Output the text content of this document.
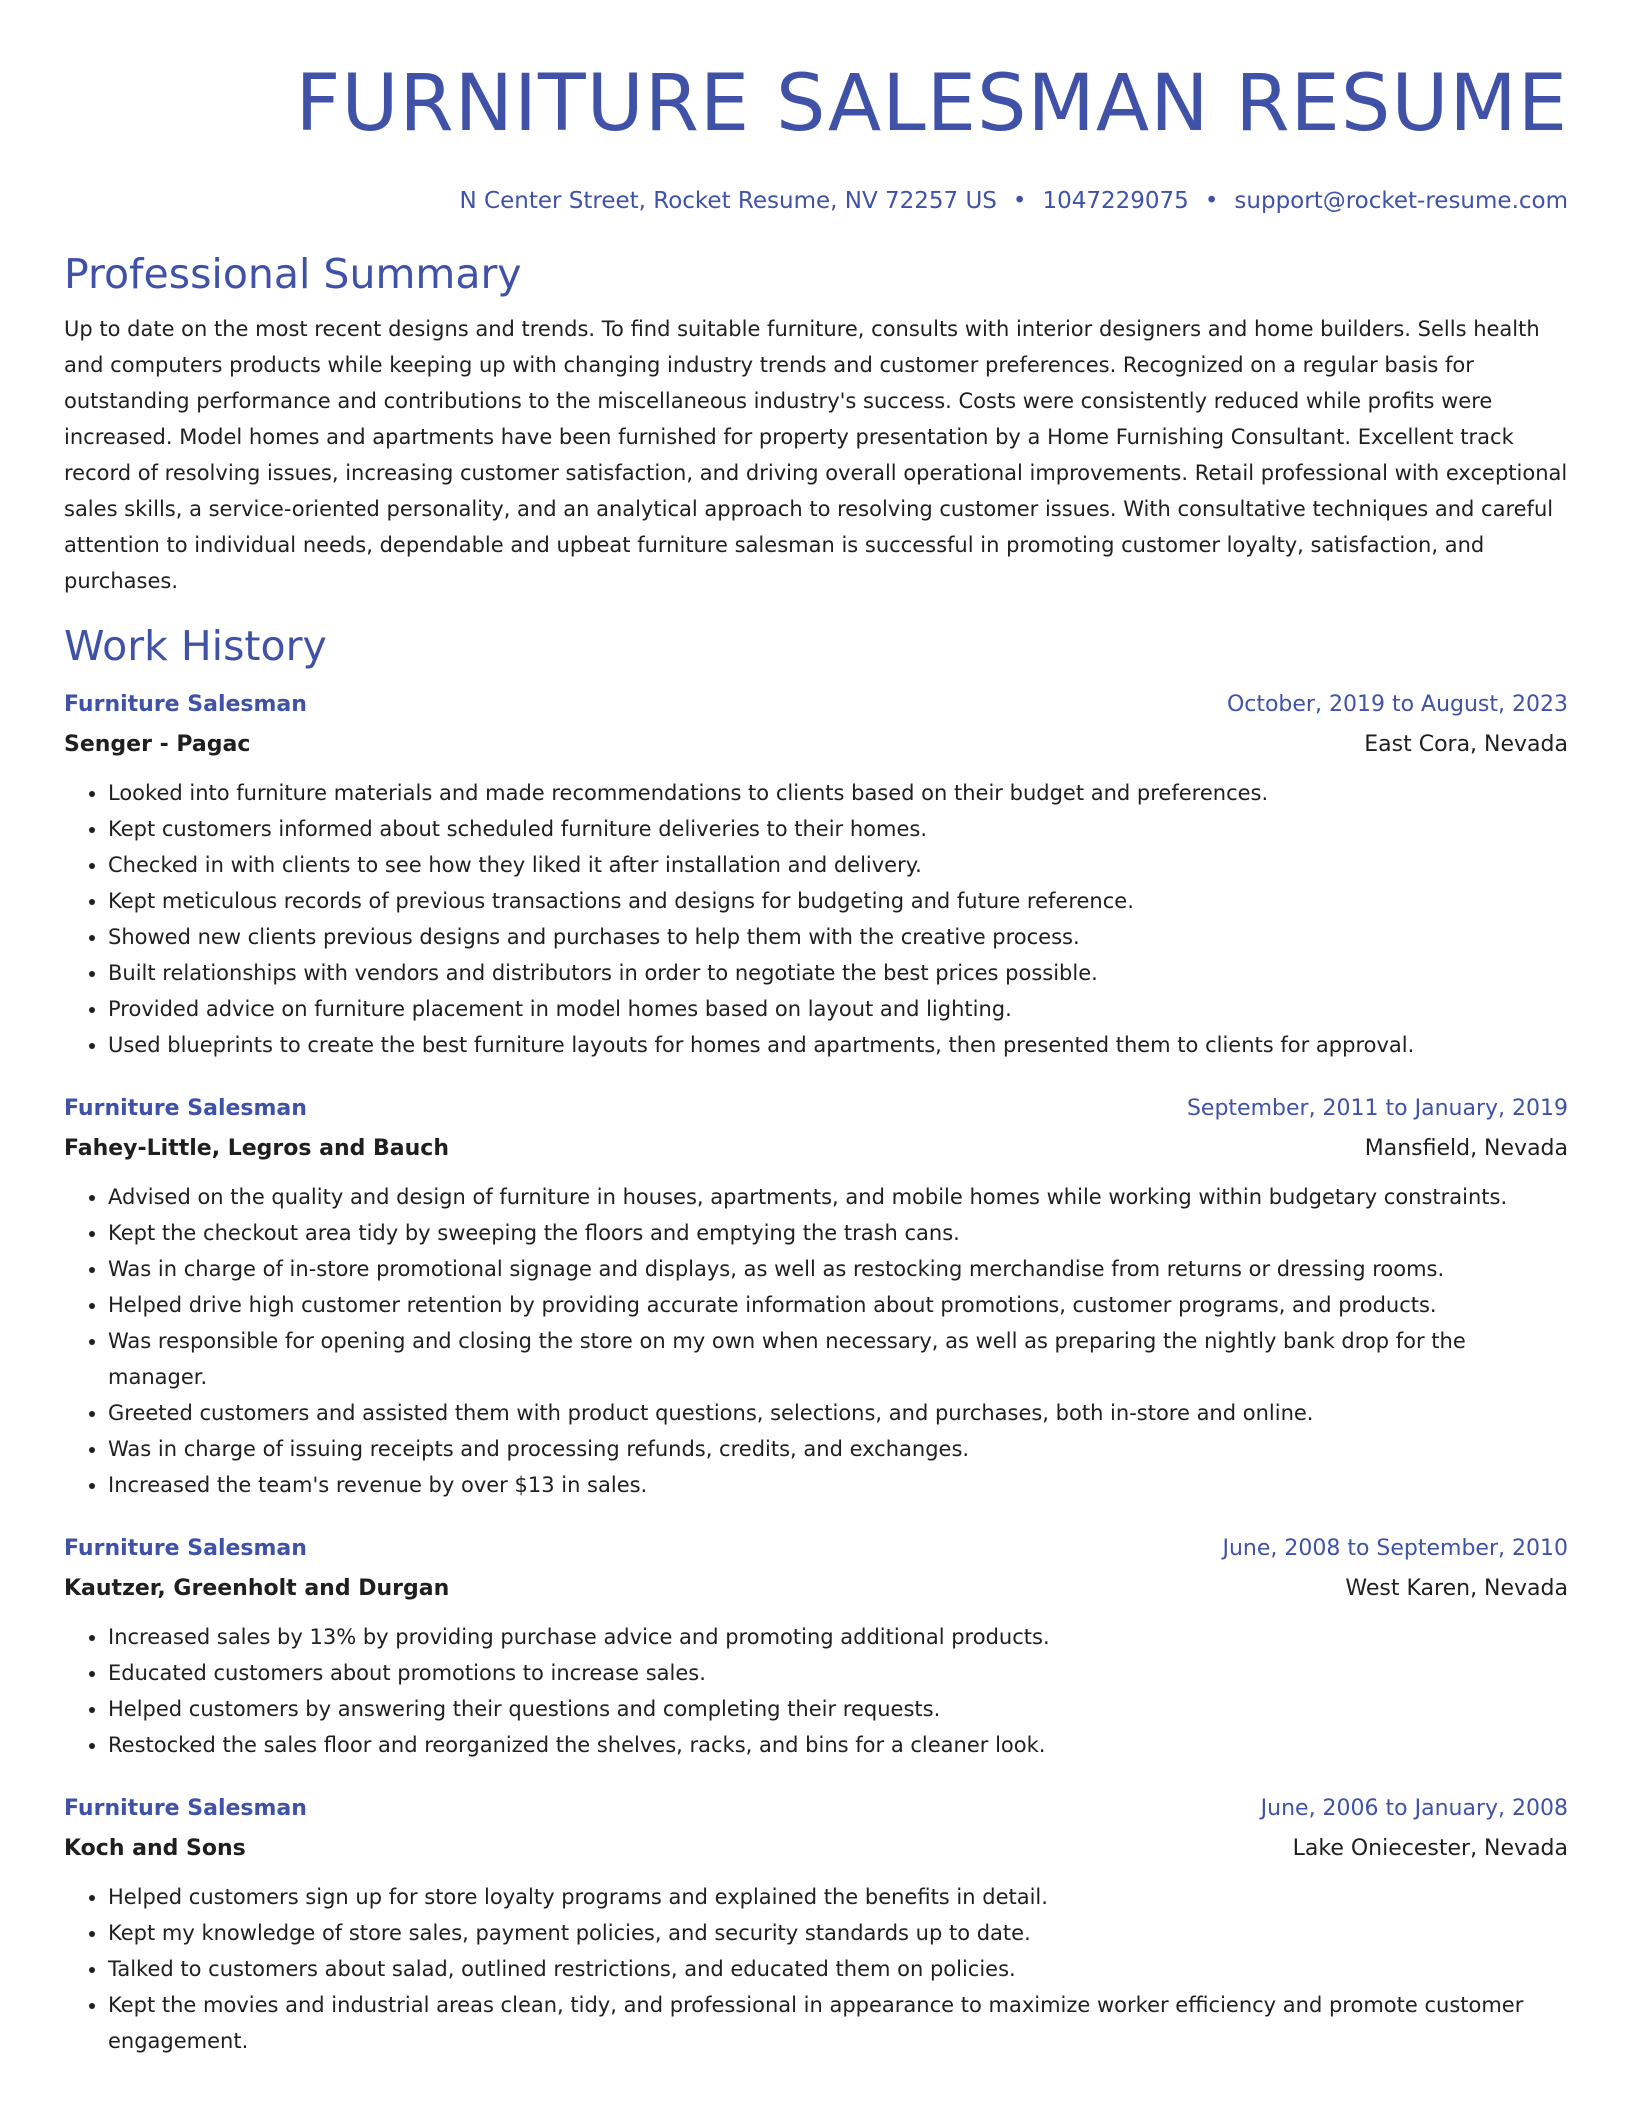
FURNITURE SALESMAN RESUME
N Center Street, Rocket Resume, NV 72257 US • 1047229075 • support@rocket-resume.com
Professional Summary

Up to date on the most recent designs and trends. To find suitable furniture, consults with interior designers and home builders. Sells health and computers products while keeping up with changing industry trends and customer preferences. Recognized on a regular basis for outstanding performance and contributions to the miscellaneous industry's success. Costs were consistently reduced while profits were increased. Model homes and apartments have been furnished for property presentation by a Home Furnishing Consultant. Excellent track record of resolving issues, increasing customer satisfaction, and driving overall operational improvements. Retail professional with exceptional sales skills, a service-oriented personality, and an analytical approach to resolving customer issues. With consultative techniques and careful attention to individual needs, dependable and upbeat furniture salesman is successful in promoting customer loyalty, satisfaction, and purchases.

Work History
Furniture Salesman	October, 2019 to August, 2023
Senger - Pagac	East Cora, Nevada
• Looked into furniture materials and made recommendations to clients based on their budget and preferences.
• Kept customers informed about scheduled furniture deliveries to their homes.
• Checked in with clients to see how they liked it after installation and delivery.
• Kept meticulous records of previous transactions and designs for budgeting and future reference.
• Showed new clients previous designs and purchases to help them with the creative process.
• Built relationships with vendors and distributors in order to negotiate the best prices possible.
• Provided advice on furniture placement in model homes based on layout and lighting.
• Used blueprints to create the best furniture layouts for homes and apartments, then presented them to clients for approval.
Furniture Salesman	September, 2011 to January, 2019
Fahey-Little, Legros and Bauch	Mansfield, Nevada
• Advised on the quality and design of furniture in houses, apartments, and mobile homes while working within budgetary constraints.
• Kept the checkout area tidy by sweeping the floors and emptying the trash cans.
• Was in charge of in-store promotional signage and displays, as well as restocking merchandise from returns or dressing rooms.
• Helped drive high customer retention by providing accurate information about promotions, customer programs, and products.
• Was responsible for opening and closing the store on my own when necessary, as well as preparing the nightly bank drop for the manager.
• Greeted customers and assisted them with product questions, selections, and purchases, both in-store and online.
• Was in charge of issuing receipts and processing refunds, credits, and exchanges.
• Increased the team's revenue by over $13 in sales.
Furniture Salesman	June, 2008 to September, 2010
Kautzer, Greenholt and Durgan	West Karen, Nevada
• Increased sales by 13% by providing purchase advice and promoting additional products.
• Educated customers about promotions to increase sales.
• Helped customers by answering their questions and completing their requests.
• Restocked the sales floor and reorganized the shelves, racks, and bins for a cleaner look.
Furniture Salesman	June, 2006 to January, 2008
Koch and Sons	Lake Oniecester, Nevada
• Helped customers sign up for store loyalty programs and explained the benefits in detail.
• Kept my knowledge of store sales, payment policies, and security standards up to date.
• Talked to customers about salad, outlined restrictions, and educated them on policies.
• Kept the movies and industrial areas clean, tidy, and professional in appearance to maximize worker efficiency and promote customer engagement.
